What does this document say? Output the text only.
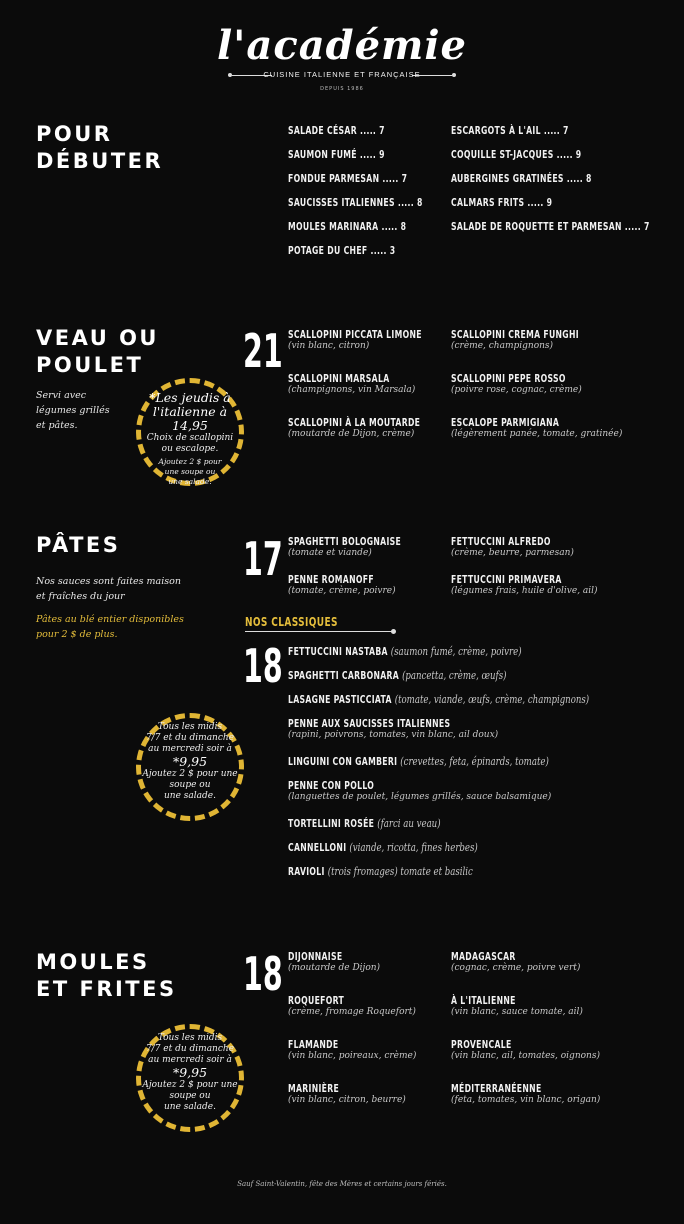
l'académie
CUISINE ITALIENNE ET FRANÇAISE
DEPUIS 1986
POUR
DÉBUTER
SALADE CÉSAR ..... 7
SAUMON FUMÉ ..... 9
FONDUE PARMESAN ..... 7
SAUCISSES ITALIENNES ..... 8
MOULES MARINARA ..... 8
POTAGE DU CHEF ..... 3
ESCARGOTS À L'AIL ..... 7
COQUILLE ST-JACQUES ..... 9
AUBERGINES GRATINÉES ..... 8
CALMARS FRITS ..... 9
SALADE DE ROQUETTE ET PARMESAN ..... 7
VEAU OU
POULET
Servi avec
légumes grillés
et pâtes.
*Les jeudis à
l'italienne à 14,95
Choix de scallopini
ou escalope.
Ajoutez 2 $ pour
une soupe ou
une salade.
21 SCALLOPINI PICCATA LIMONE
(vin blanc, citron)
SCALLOPINI MARSALA
(champignons, vin Marsala)
SCALLOPINI À LA MOUTARDE
(moutarde de Dijon, crème)
SCALLOPINI CREMA FUNGHI
(crème, champignons)
SCALLOPINI PEPE ROSSO
(poivre rose, cognac, crème)
ESCALOPE PARMIGIANA
(légèrement panée, tomate, gratinée)
PÂTES
Nos sauces sont faites maison
et fraîches du jour
Pâtes au blé entier disponibles
pour 2 $ de plus.
17 SPAGHETTI BOLOGNAISE
(tomate et viande)
PENNE ROMANOFF
(tomate, crème, poivre)
FETTUCCINI ALFREDO
(crème, beurre, parmesan)
FETTUCCINI PRIMAVERA
(légumes frais, huile d'olive, ail)
NOS CLASSIQUES
18 FETTUCCINI NASTABA (saumon fumé, crème, poivre)
SPAGHETTI CARBONARA (pancetta, crème, œufs)
LASAGNE PASTICCIATA (tomate, viande, œufs, crème, champignons)
PENNE AUX SAUCISSES ITALIENNES
(rapini, poivrons, tomates, vin blanc, ail doux)
LINGUINI CON GAMBERI (crevettes, feta, épinards, tomate)
PENNE CON POLLO
(languettes de poulet, légumes grillés, sauce balsamique)
TORTELLINI ROSÉE (farci au veau)
CANNELLONI (viande, ricotta, fines herbes)
RAVIOLI (trois fromages) tomate et basilic
Tous les midis
7/7 et du dimanche
au mercredi soir à
*9,95
Ajoutez 2 $ pour une
soupe ou
une salade.
MOULES
ET FRITES 18
Tous les midis
7/7 et du dimanche
au mercredi soir à
*9,95
Ajoutez 2 $ pour une
soupe ou
une salade.
DIJONNAISE
(moutarde de Dijon)
ROQUEFORT
(crème, fromage Roquefort)
FLAMANDE
(vin blanc, poireaux, crème)
MARINIÈRE
(vin blanc, citron, beurre)
MADAGASCAR
(cognac, crème, poivre vert)
À L'ITALIENNE
(vin blanc, sauce tomate, ail)
PROVENCALE
(vin blanc, ail, tomates, oignons)
MÉDITERRANÉENNE
(feta, tomates, vin blanc, origan)
Sauf Saint-Valentin, fête des Mères et certains jours fériés.
